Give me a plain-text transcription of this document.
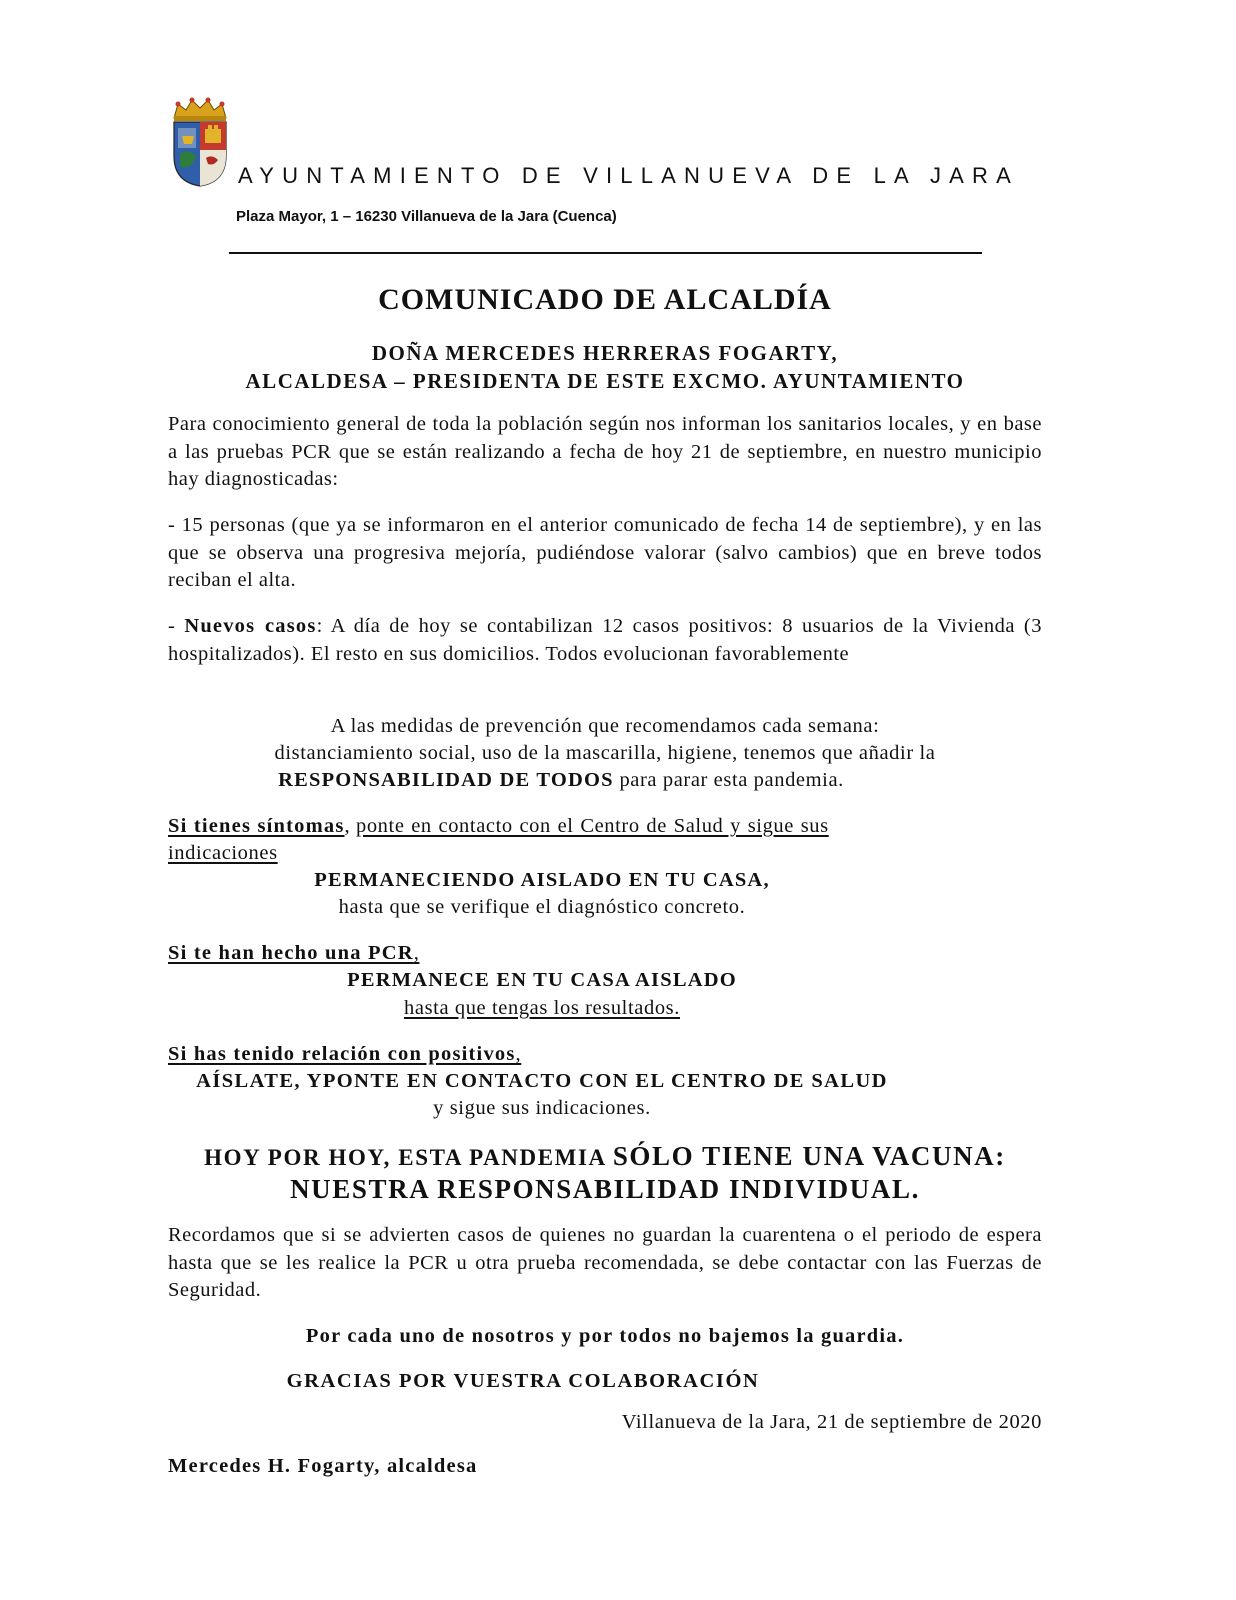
AYUNTAMIENTO DE VILLANUEVA DE LA JARA
Plaza Mayor, 1 – 16230 Villanueva de la Jara (Cuenca)
COMUNICADO DE ALCALDÍA
DOÑA MERCEDES HERRERAS FOGARTY,
ALCALDESA – PRESIDENTA DE ESTE EXCMO. AYUNTAMIENTO
Para conocimiento general de toda la población según nos informan los sanitarios locales, y en base a las pruebas PCR que se están realizando a fecha de hoy 21 de septiembre, en nuestro municipio hay diagnosticadas:
- 15 personas (que ya se informaron en el anterior comunicado de fecha 14 de septiembre), y en las que se observa una progresiva mejoría, pudiéndose valorar (salvo cambios) que en breve todos reciban el alta.
- Nuevos casos: A día de hoy se contabilizan 12 casos positivos: 8 usuarios de la Vivienda (3 hospitalizados). El resto en sus domicilios. Todos evolucionan favorablemente
A las medidas de prevención que recomendamos cada semana:
distanciamiento social, uso de la mascarilla, higiene, tenemos que añadir la
RESPONSABILIDAD DE TODOS para parar esta pandemia.
Si tienes síntomas, ponte en contacto con el Centro de Salud y sigue sus
indicaciones
PERMANECIENDO AISLADO EN TU CASA,
hasta que se verifique el diagnóstico concreto.
Si te han hecho una PCR,
PERMANECE EN TU CASA AISLADO
hasta que tengas los resultados.
Si has tenido relación con positivos,
AÍSLATE, YPONTE EN CONTACTO CON EL CENTRO DE SALUD
y sigue sus indicaciones.
HOY POR HOY, ESTA PANDEMIA SÓLO TIENE UNA VACUNA:
NUESTRA RESPONSABILIDAD INDIVIDUAL.
Recordamos que si se advierten casos de quienes no guardan la cuarentena o el periodo de espera hasta que se les realice la PCR u otra prueba recomendada, se debe contactar con las Fuerzas de Seguridad.
Por cada uno de nosotros y por todos no bajemos la guardia.
GRACIAS POR VUESTRA COLABORACIÓN
Villanueva de la Jara, 21 de septiembre de 2020
Mercedes H. Fogarty, alcaldesa
